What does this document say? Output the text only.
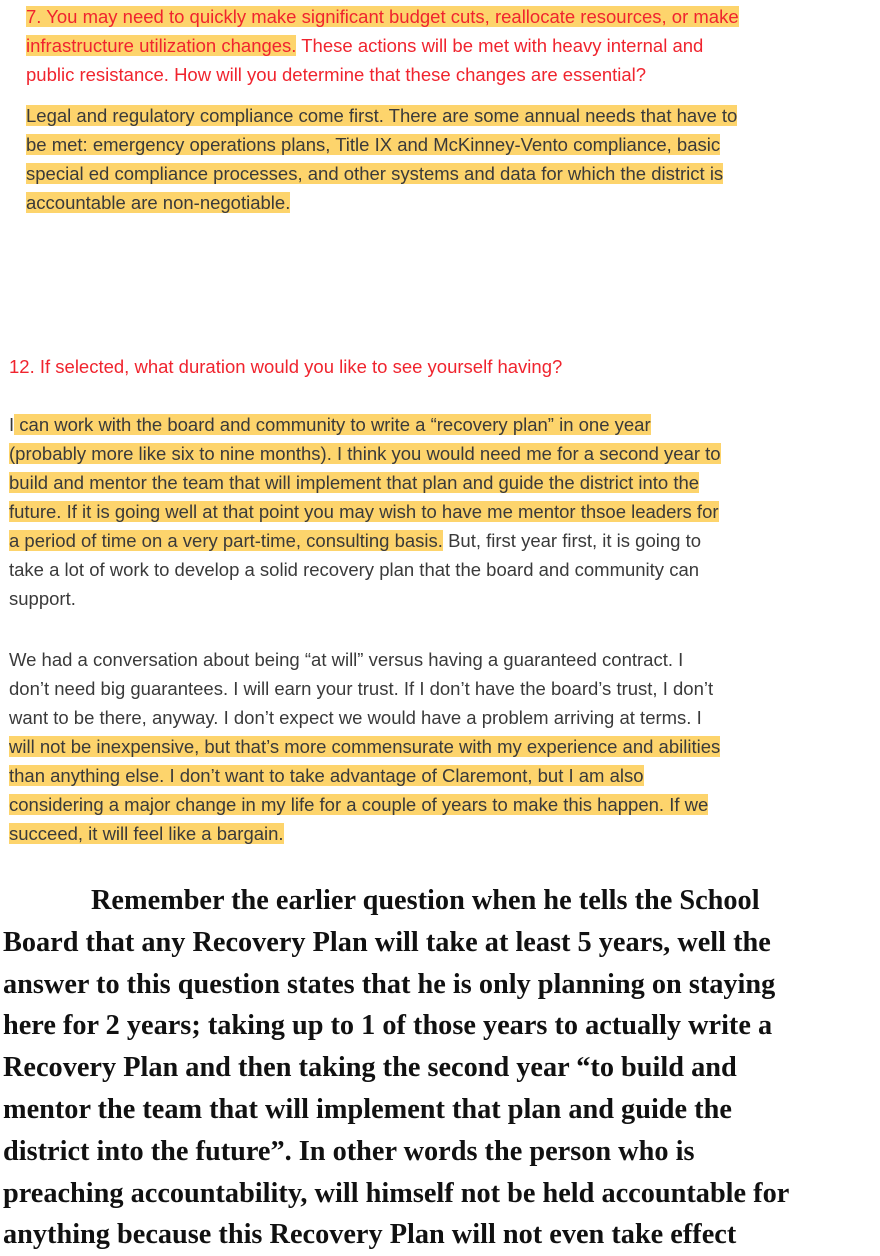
7. You may need to quickly make significant budget cuts, reallocate resources, or make
infrastructure utilization changes. These actions will be met with heavy internal and
public resistance. How will you determine that these changes are essential?
Legal and regulatory compliance come first. There are some annual needs that have to
be met: emergency operations plans, Title IX and McKinney-Vento compliance, basic
special ed compliance processes, and other systems and data for which the district is
accountable are non-negotiable.
12. If selected, what duration would you like to see yourself having?
I can work with the board and community to write a “recovery plan” in one year
(probably more like six to nine months). I think you would need me for a second year to
build and mentor the team that will implement that plan and guide the district into the
future. If it is going well at that point you may wish to have me mentor thsoe leaders for
a period of time on a very part-time, consulting basis. But, first year first, it is going to
take a lot of work to develop a solid recovery plan that the board and community can
support.
We had a conversation about being “at will” versus having a guaranteed contract. I
don’t need big guarantees. I will earn your trust. If I don’t have the board’s trust, I don’t
want to be there, anyway. I don’t expect we would have a problem arriving at terms. I
will not be inexpensive, but that’s more commensurate with my experience and abilities
than anything else. I don’t want to take advantage of Claremont, but I am also
considering a major change in my life for a couple of years to make this happen. If we
succeed, it will feel like a bargain.
Remember the earlier question when he tells the School
Board that any Recovery Plan will take at least 5 years, well the
answer to this question states that he is only planning on staying
here for 2 years; taking up to 1 of those years to actually write a
Recovery Plan and then taking the second year “to build and
mentor the team that will implement that plan and guide the
district into the future”. In other words the person who is
preaching accountability, will himself not be held accountable for
anything because this Recovery Plan will not even take effect
